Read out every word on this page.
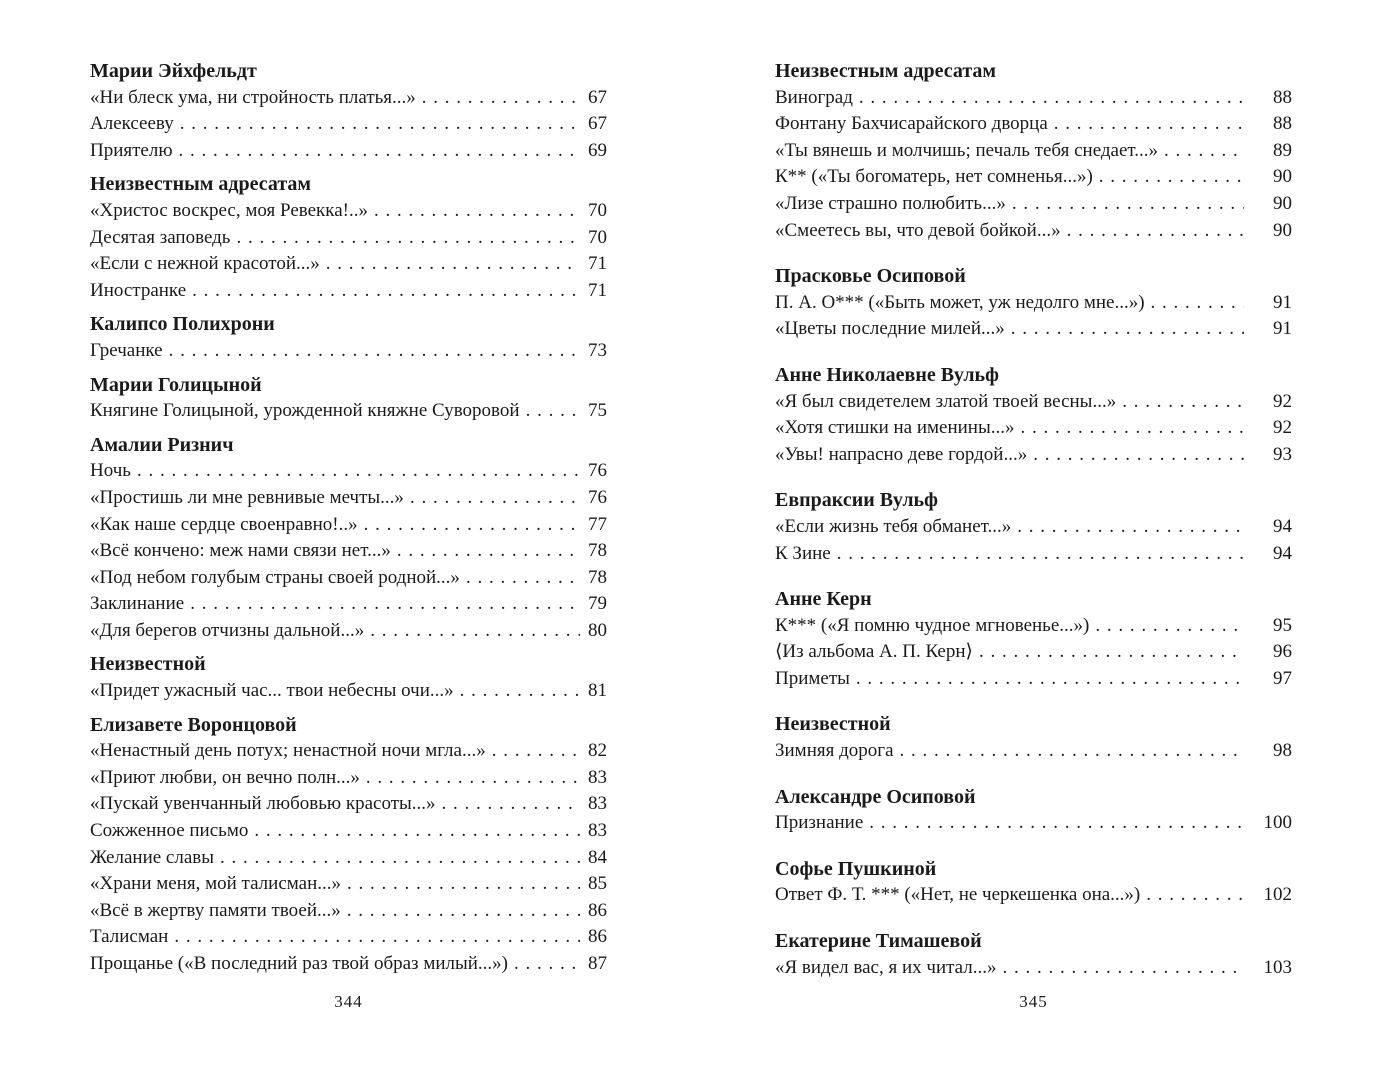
Марии Эйхфельдт
«Ни блеск ума, ни стройность платья...» . . .	67
Алексееву . . .	67
Приятелю . . .	69
Неизвестным адресатам
«Христос воскрес, моя Ревекка!..» . . .	70
Десятая заповедь . . .	70
«Если с нежной красотой...» . . .	71
Иностранке . . .	71
Калипсо Полихрони
Гречанке . . .	73
Марии Голицыной
Княгине Голицыной, урожденной княжне Суворовой . . .	75
Амалии Ризнич
Ночь . . .	76
«Простишь ли мне ревнивые мечты...» . . .	76
«Как наше сердце своенравно!..» . . .	77
«Всё кончено: меж нами связи нет...» . . .	78
«Под небом голубым страны своей родной...» . . .	78
Заклинание . . .	79
«Для берегов отчизны дальной...» . . .	80
Неизвестной
«Придет ужасный час... твои небесны очи...» . . .	81
Елизавете Воронцовой
«Ненастный день потух; ненастной ночи мгла...» . . .	82
«Приют любви, он вечно полн...» . . .	83
«Пускай увенчанный любовью красоты...» . . .	83
Сожженное письмо . . .	83
Желание славы . . .	84
«Храни меня, мой талисман...» . . .	85
«Всё в жертву памяти твоей...» . . .	86
Талисман . . .	86
Прощанье («В последний раз твой образ милый...») . . .	87
344
Неизвестным адресатам
Виноград . . .	88
Фонтану Бахчисарайского дворца . . .	88
«Ты вянешь и молчишь; печаль тебя снедает...» . . .	89
К** («Ты богоматерь, нет сомненья...») . . .	90
«Лизе страшно полюбить...» . . .	90
«Смеетесь вы, что девой бойкой...» . . .	90
Прасковье Осиповой
П. А. О*** («Быть может, уж недолго мне...») . . .	91
«Цветы последние милей...» . . .	91
Анне Николаевне Вульф
«Я был свидетелем златой твоей весны...» . . .	92
«Хотя стишки на именины...» . . .	92
«Увы! напрасно деве гордой...» . . .	93
Евпраксии Вульф
«Если жизнь тебя обманет...» . . .	94
К Зине . . .	94
Анне Керн
К*** («Я помню чудное мгновенье...») . . .	95
⟨Из альбома А. П. Керн⟩ . . .	96
Приметы . . .	97
Неизвестной
Зимняя дорога . . .	98
Александре Осиповой
Признание . . .	100
Софье Пушкиной
Ответ Ф. Т. *** («Нет, не черкешенка она...») . . .	102
Екатерине Тимашевой
«Я видел вас, я их читал...» . . .	103
345
